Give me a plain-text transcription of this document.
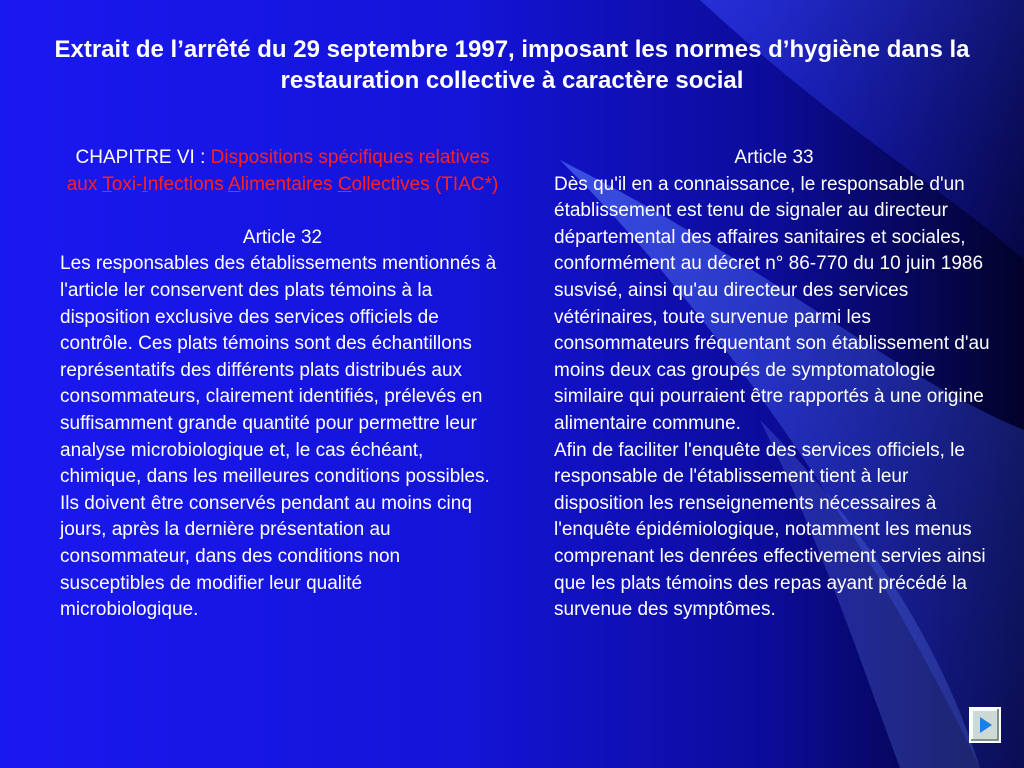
Extrait de l’arrêté du 29 septembre 1997, imposant les normes d’hygiène dans la restauration collective à caractère social

CHAPITRE VI : Dispositions spécifiques relatives aux Toxi-Infections Alimentaires Collectives (TIAC*)

Article 32

Les responsables des établissements mentionnés à l'article ler conservent des plats témoins à la disposition exclusive des services officiels de contrôle. Ces plats témoins sont des échantillons représentatifs des différents plats distribués aux consommateurs, clairement identifiés, prélevés en suffisamment grande quantité pour permettre leur analyse microbiologique et, le cas échéant, chimique, dans les meilleures conditions possibles. Ils doivent être conservés pendant au moins cinq jours, après la dernière présentation au consommateur, dans des conditions non susceptibles de modifier leur qualité microbiologique.

Article 33

Dès qu'il en a connaissance, le responsable d'un établissement est tenu de signaler au directeur départemental des affaires sanitaires et sociales, conformément au décret n° 86-770 du 10 juin 1986 susvisé, ainsi qu'au directeur des services vétérinaires, toute survenue parmi les consommateurs fréquentant son établissement d'au moins deux cas groupés de symptomatologie similaire qui pourraient être rapportés à une origine alimentaire commune.

Afin de faciliter l'enquête des services officiels, le responsable de l'établissement tient à leur disposition les renseignements nécessaires à l'enquête épidémiologique, notamment les menus comprenant les denrées effectivement servies ainsi que les plats témoins des repas ayant précédé la survenue des symptômes.
